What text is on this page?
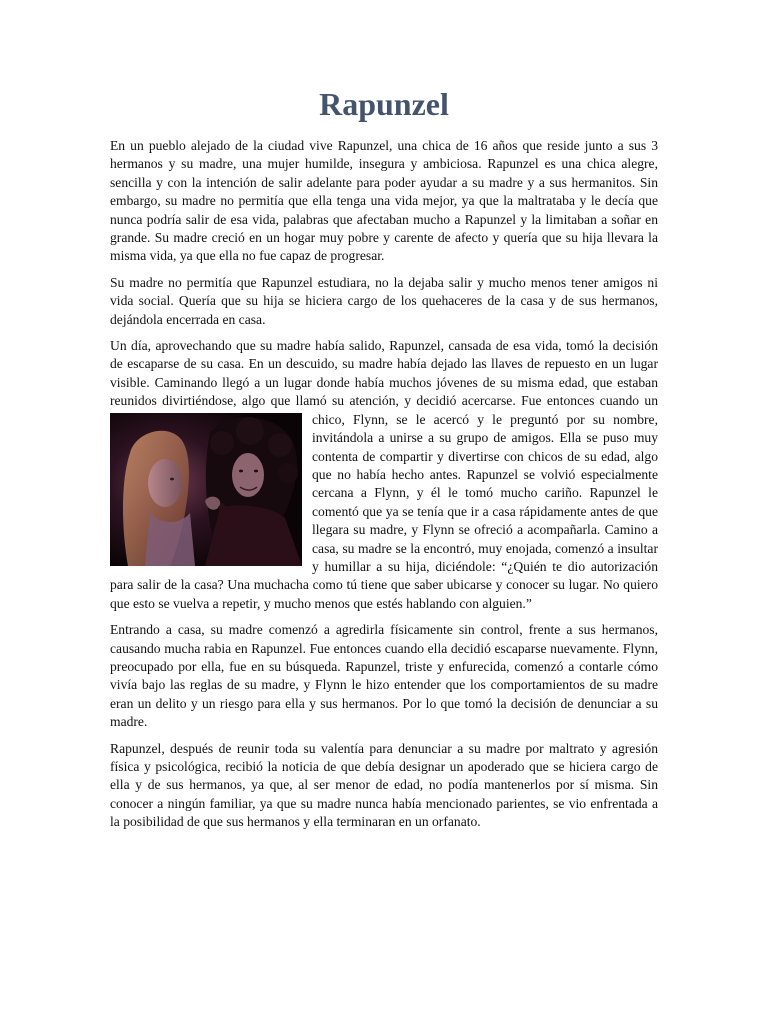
Rapunzel

En un pueblo alejado de la ciudad vive Rapunzel, una chica de 16 años que reside junto a sus 3 hermanos y su madre, una mujer humilde, insegura y ambiciosa. Rapunzel es una chica alegre, sencilla y con la intención de salir adelante para poder ayudar a su madre y a sus hermanitos. Sin embargo, su madre no permitía que ella tenga una vida mejor, ya que la maltrataba y le decía que nunca podría salir de esa vida, palabras que afectaban mucho a Rapunzel y la limitaban a soñar en grande. Su madre creció en un hogar muy pobre y carente de afecto y quería que su hija llevara la misma vida, ya que ella no fue capaz de progresar.

Su madre no permitía que Rapunzel estudiara, no la dejaba salir y mucho menos tener amigos ni vida social. Quería que su hija se hiciera cargo de los quehaceres de la casa y de sus hermanos, dejándola encerrada en casa.

Un día, aprovechando que su madre había salido, Rapunzel, cansada de esa vida, tomó la decisión de escaparse de su casa. En un descuido, su madre había dejado las llaves de repuesto en un lugar visible. Caminando llegó a un lugar donde había muchos jóvenes de su misma edad, que estaban reunidos divirtiéndose, algo que llamó su atención, y decidió acercarse. Fue entonces cuando un chico, Flynn, se le acercó y le preguntó por su nombre, invitándola a unirse a su grupo de amigos. Ella se puso muy contenta de compartir y divertirse con chicos de su edad, algo que no había hecho antes. Rapunzel se volvió especialmente cercana a Flynn, y él le tomó mucho cariño. Rapunzel le comentó que ya se tenía que ir a casa rápidamente antes de que llegara su madre, y Flynn se ofreció a acompañarla. Camino a casa, su madre se la encontró, muy enojada, comenzó a insultar y humillar a su hija, diciéndole: “¿Quién te dio autorización para salir de la casa? Una muchacha como tú tiene que saber ubicarse y conocer su lugar. No quiero que esto se vuelva a repetir, y mucho menos que estés hablando con alguien.”

Entrando a casa, su madre comenzó a agredirla físicamente sin control, frente a sus hermanos, causando mucha rabia en Rapunzel. Fue entonces cuando ella decidió escaparse nuevamente. Flynn, preocupado por ella, fue en su búsqueda. Rapunzel, triste y enfurecida, comenzó a contarle cómo vivía bajo las reglas de su madre, y Flynn le hizo entender que los comportamientos de su madre eran un delito y un riesgo para ella y sus hermanos. Por lo que tomó la decisión de denunciar a su madre.

Rapunzel, después de reunir toda su valentía para denunciar a su madre por maltrato y agresión física y psicológica, recibió la noticia de que debía designar un apoderado que se hiciera cargo de ella y de sus hermanos, ya que, al ser menor de edad, no podía mantenerlos por sí misma. Sin conocer a ningún familiar, ya que su madre nunca había mencionado parientes, se vio enfrentada a la posibilidad de que sus hermanos y ella terminaran en un orfanato.
